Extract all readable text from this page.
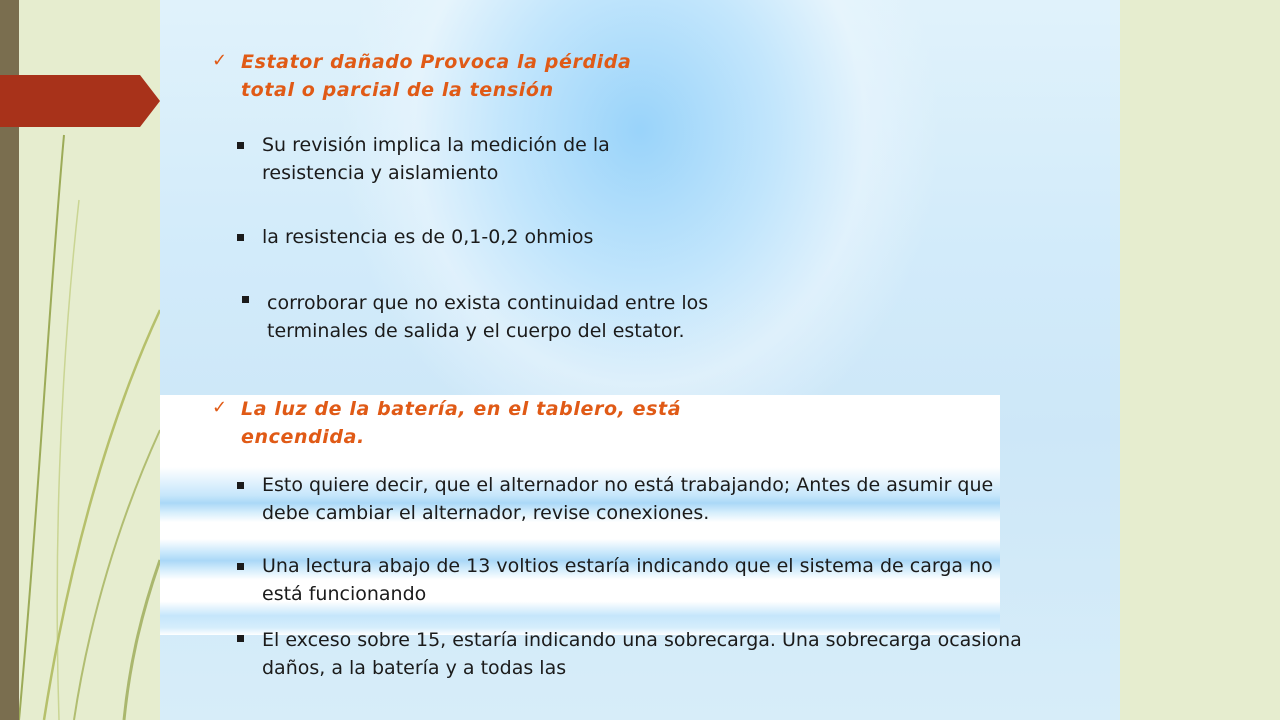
✓ Estator dañado Provoca la pérdida total o parcial de la tensión
Su revisión implica la medición de la resistencia y aislamiento
la resistencia es de 0,1-0,2 ohmios
corroborar que no exista continuidad entre los terminales de salida y el cuerpo del estator.
✓ La luz de la batería, en el tablero, está encendida.
Esto quiere decir, que el alternador no está trabajando; Antes de asumir que debe cambiar el alternador, revise conexiones.
Una lectura abajo de 13 voltios estaría indicando que el sistema de carga no está funcionando
El exceso sobre 15, estaría indicando una sobrecarga. Una sobrecarga ocasiona daños, a la batería y a todas las
